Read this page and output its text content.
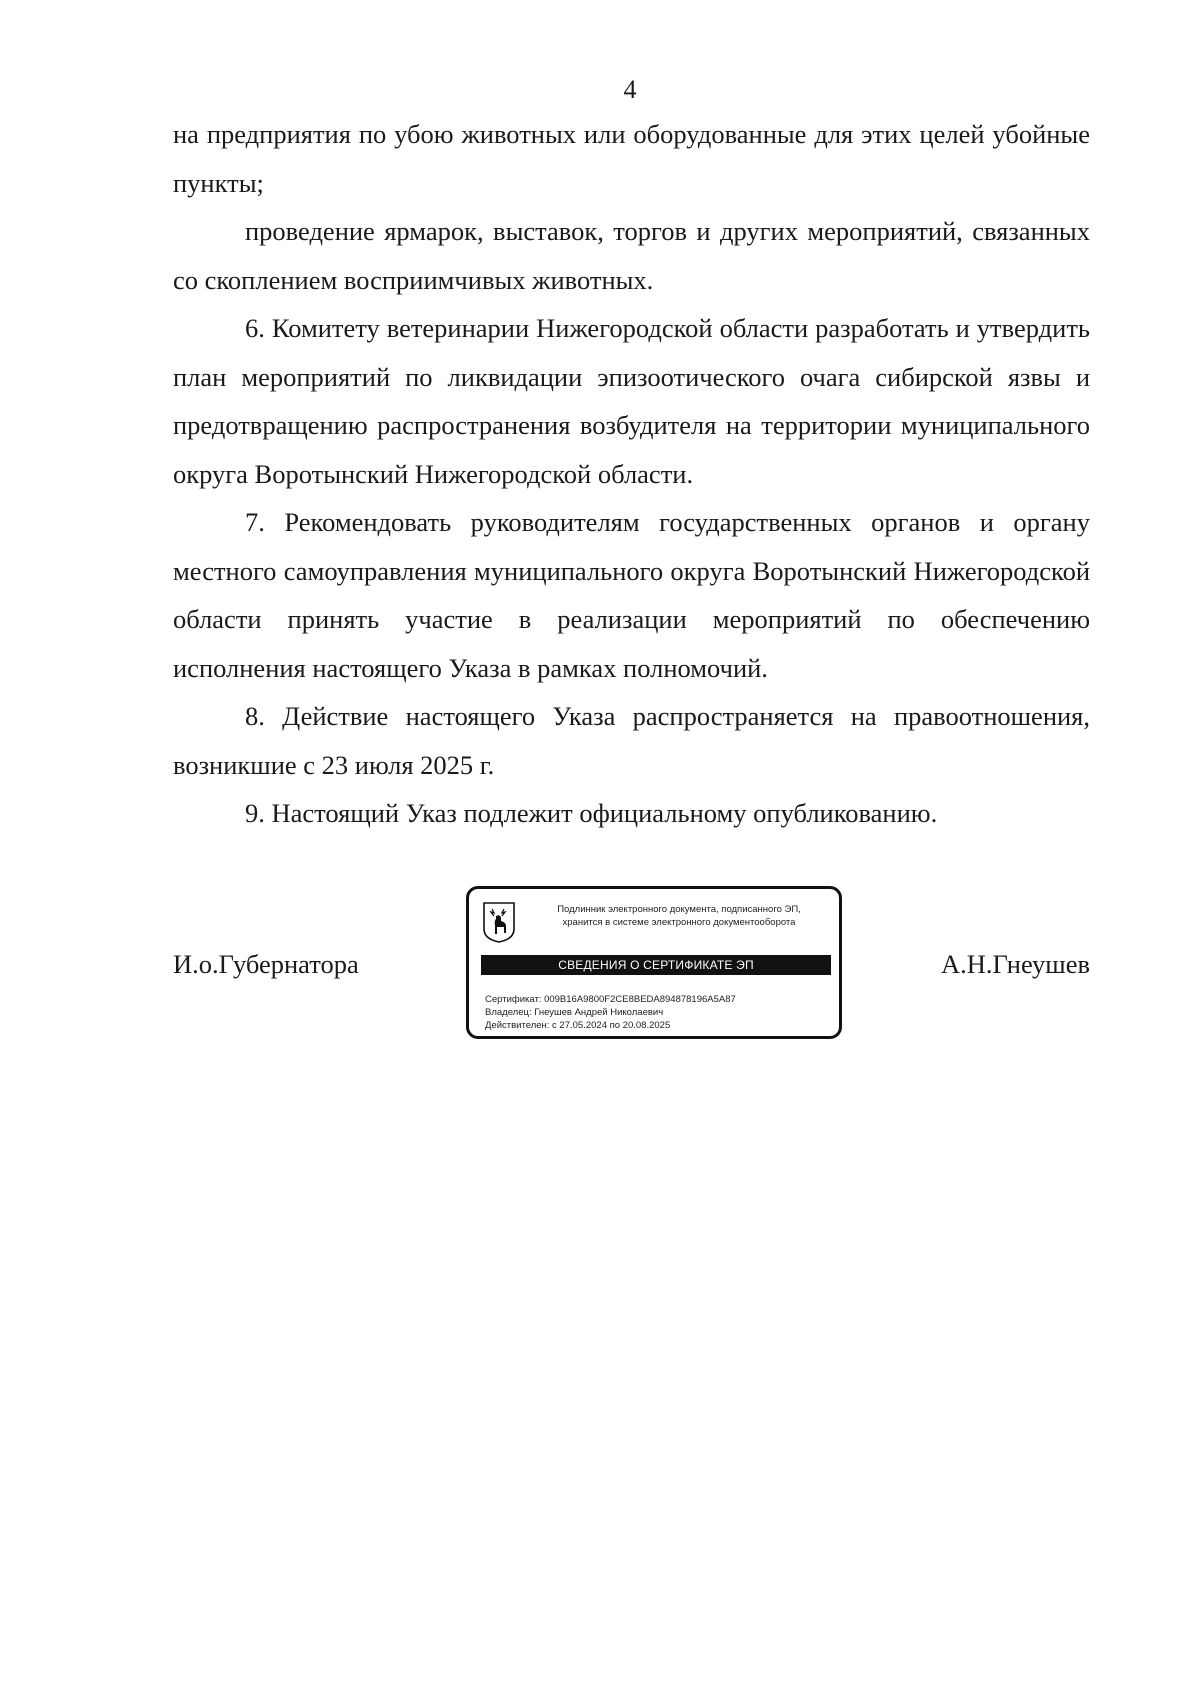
4

на предприятия по убою животных или оборудованные для этих целей убойные пункты;

проведение ярмарок, выставок, торгов и других мероприятий, связанных со скоплением восприимчивых животных.

6. Комитету ветеринарии Нижегородской области разработать и утвердить план мероприятий по ликвидации эпизоотического очага сибирской язвы и предотвращению распространения возбудителя на территории муниципального округа Воротынский Нижегородской области.

7. Рекомендовать руководителям государственных органов и органу местного самоуправления муниципального округа Воротынский Нижегородской области принять участие в реализации мероприятий по обеспечению исполнения настоящего Указа в рамках полномочий.

8. Действие настоящего Указа распространяется на правоотношения, возникшие с 23 июля 2025 г.

9. Настоящий Указ подлежит официальному опубликованию.

И.о.Губернатора
Подлинник электронного документа, подписанного ЭП,
хранится в системе электронного документооборота
СВЕДЕНИЯ О СЕРТИФИКАТЕ ЭП
Сертификат: 009B16A9800F2CE8BEDA894878196A5A87
Владелец: Гнеушев Андрей Николаевич
Действителен: с 27.05.2024 по 20.08.2025
А.Н.Гнеушев
